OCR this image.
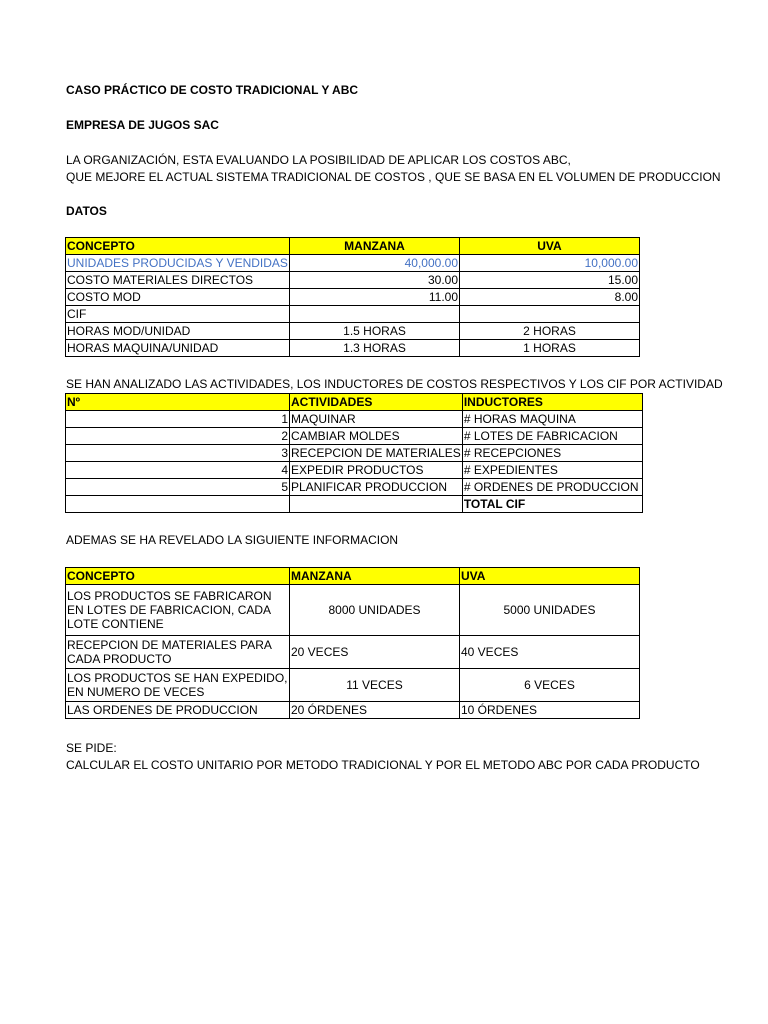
CASO PRÁCTICO DE COSTO TRADICIONAL Y ABC
EMPRESA DE JUGOS SAC
LA ORGANIZACIÓN, ESTA EVALUANDO LA POSIBILIDAD DE APLICAR LOS COSTOS ABC,
QUE MEJORE EL ACTUAL SISTEMA TRADICIONAL DE COSTOS , QUE SE BASA EN EL VOLUMEN DE PRODUCCION
DATOS
CONCEPTO	MANZANA	UVA
UNIDADES PRODUCIDAS Y VENDIDAS	40,000.00	10,000.00
COSTO MATERIALES DIRECTOS	30.00	15.00
COSTO MOD	11.00	8.00
CIF		
HORAS MOD/UNIDAD	1.5 HORAS	2 HORAS
HORAS MAQUINA/UNIDAD	1.3 HORAS	1 HORAS
SE HAN ANALIZADO LAS ACTIVIDADES, LOS INDUCTORES DE COSTOS RESPECTIVOS Y LOS CIF POR ACTIVIDAD
Nº	ACTIVIDADES	INDUCTORES
1	MAQUINAR	# HORAS MAQUINA
2	CAMBIAR MOLDES	# LOTES DE FABRICACION
3	RECEPCION DE MATERIALES	# RECEPCIONES
4	EXPEDIR PRODUCTOS	# EXPEDIENTES
5	PLANIFICAR PRODUCCION	# ORDENES DE PRODUCCION
		TOTAL CIF
ADEMAS SE HA REVELADO LA SIGUIENTE INFORMACION
CONCEPTO	MANZANA	UVA
LOS PRODUCTOS SE FABRICARON EN LOTES DE FABRICACION, CADA LOTE CONTIENE	8000 UNIDADES	5000 UNIDADES
RECEPCION DE MATERIALES PARA CADA PRODUCTO	20 VECES	40 VECES
LOS PRODUCTOS SE HAN EXPEDIDO, EN NUMERO DE VECES	11 VECES	6 VECES
LAS ORDENES DE PRODUCCION	20 ÓRDENES	10 ÓRDENES
SE PIDE:
CALCULAR EL COSTO UNITARIO POR METODO TRADICIONAL Y POR EL METODO ABC POR CADA PRODUCTO
